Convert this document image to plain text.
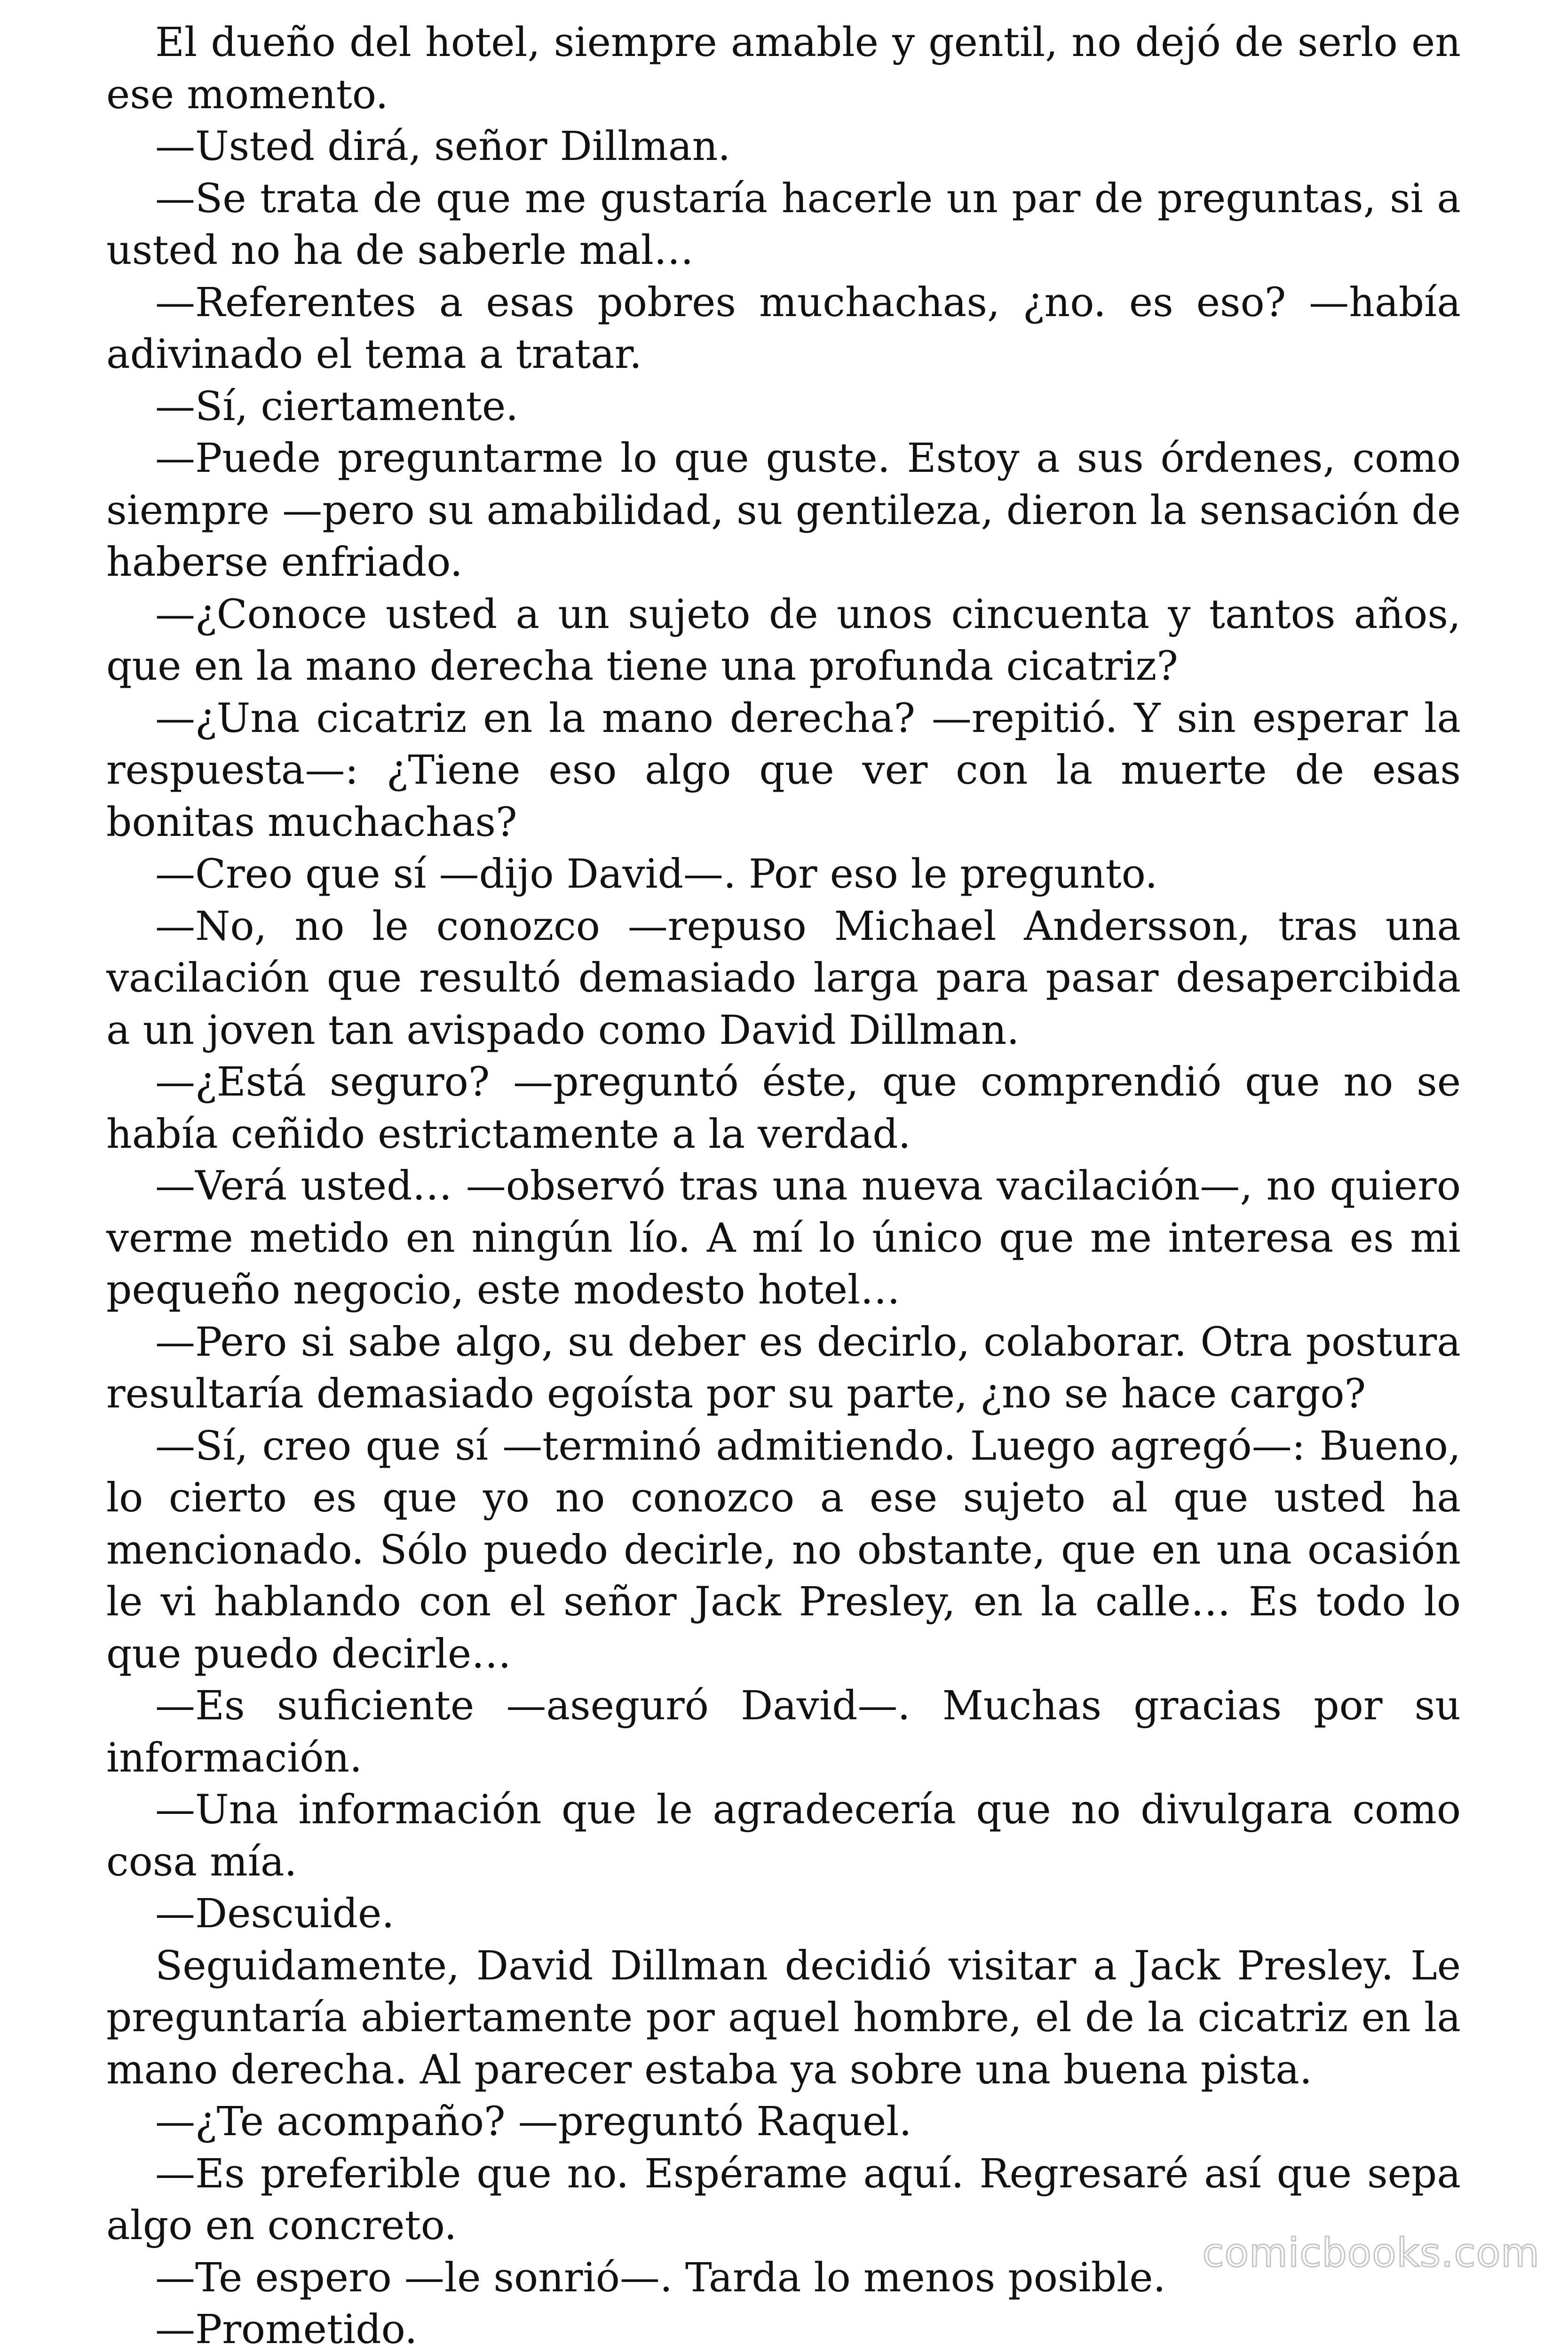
El dueño del hotel, siempre amable y gentil, no dejó de serlo en ese momento.

—Usted dirá, señor Dillman.

—Se trata de que me gustaría hacerle un par de preguntas, si a usted no ha de saberle mal…

—Referentes a esas pobres muchachas, ¿no. es eso? —había adivinado el tema a tratar.

—Sí, ciertamente.

—Puede preguntarme lo que guste. Estoy a sus órdenes, como siempre —pero su amabilidad, su gentileza, dieron la sensación de haberse enfriado.

—¿Conoce usted a un sujeto de unos cincuenta y tantos años, que en la mano derecha tiene una profunda cicatriz?

—¿Una cicatriz en la mano derecha? —repitió. Y sin esperar la respuesta—: ¿Tiene eso algo que ver con la muerte de esas bonitas muchachas?

—Creo que sí —dijo David—. Por eso le pregunto.

—No, no le conozco —repuso Michael Andersson, tras una vacilación que resultó demasiado larga para pasar desapercibida a un joven tan avispado como David Dillman.

—¿Está seguro? —preguntó éste, que comprendió que no se había ceñido estrictamente a la verdad.

—Verá usted… —observó tras una nueva vacilación—, no quiero verme metido en ningún lío. A mí lo único que me interesa es mi pequeño negocio, este modesto hotel…

—Pero si sabe algo, su deber es decirlo, colaborar. Otra postura resultaría demasiado egoísta por su parte, ¿no se hace cargo?

—Sí, creo que sí —terminó admitiendo. Luego agregó—: Bueno, lo cierto es que yo no conozco a ese sujeto al que usted ha mencionado. Sólo puedo decirle, no obstante, que en una ocasión le vi hablando con el señor Jack Presley, en la calle… Es todo lo que puedo decirle…

—Es suficiente —aseguró David—. Muchas gracias por su información.

—Una información que le agradecería que no divulgara como cosa mía.

—Descuide.

Seguidamente, David Dillman decidió visitar a Jack Presley. Le preguntaría abiertamente por aquel hombre, el de la cicatriz en la mano derecha. Al parecer estaba ya sobre una buena pista.

—¿Te acompaño? —preguntó Raquel.

—Es preferible que no. Espérame aquí. Regresaré así que sepa algo en concreto.

—Te espero —le sonrió—. Tarda lo menos posible.

—Prometido.

comicbooks.com
